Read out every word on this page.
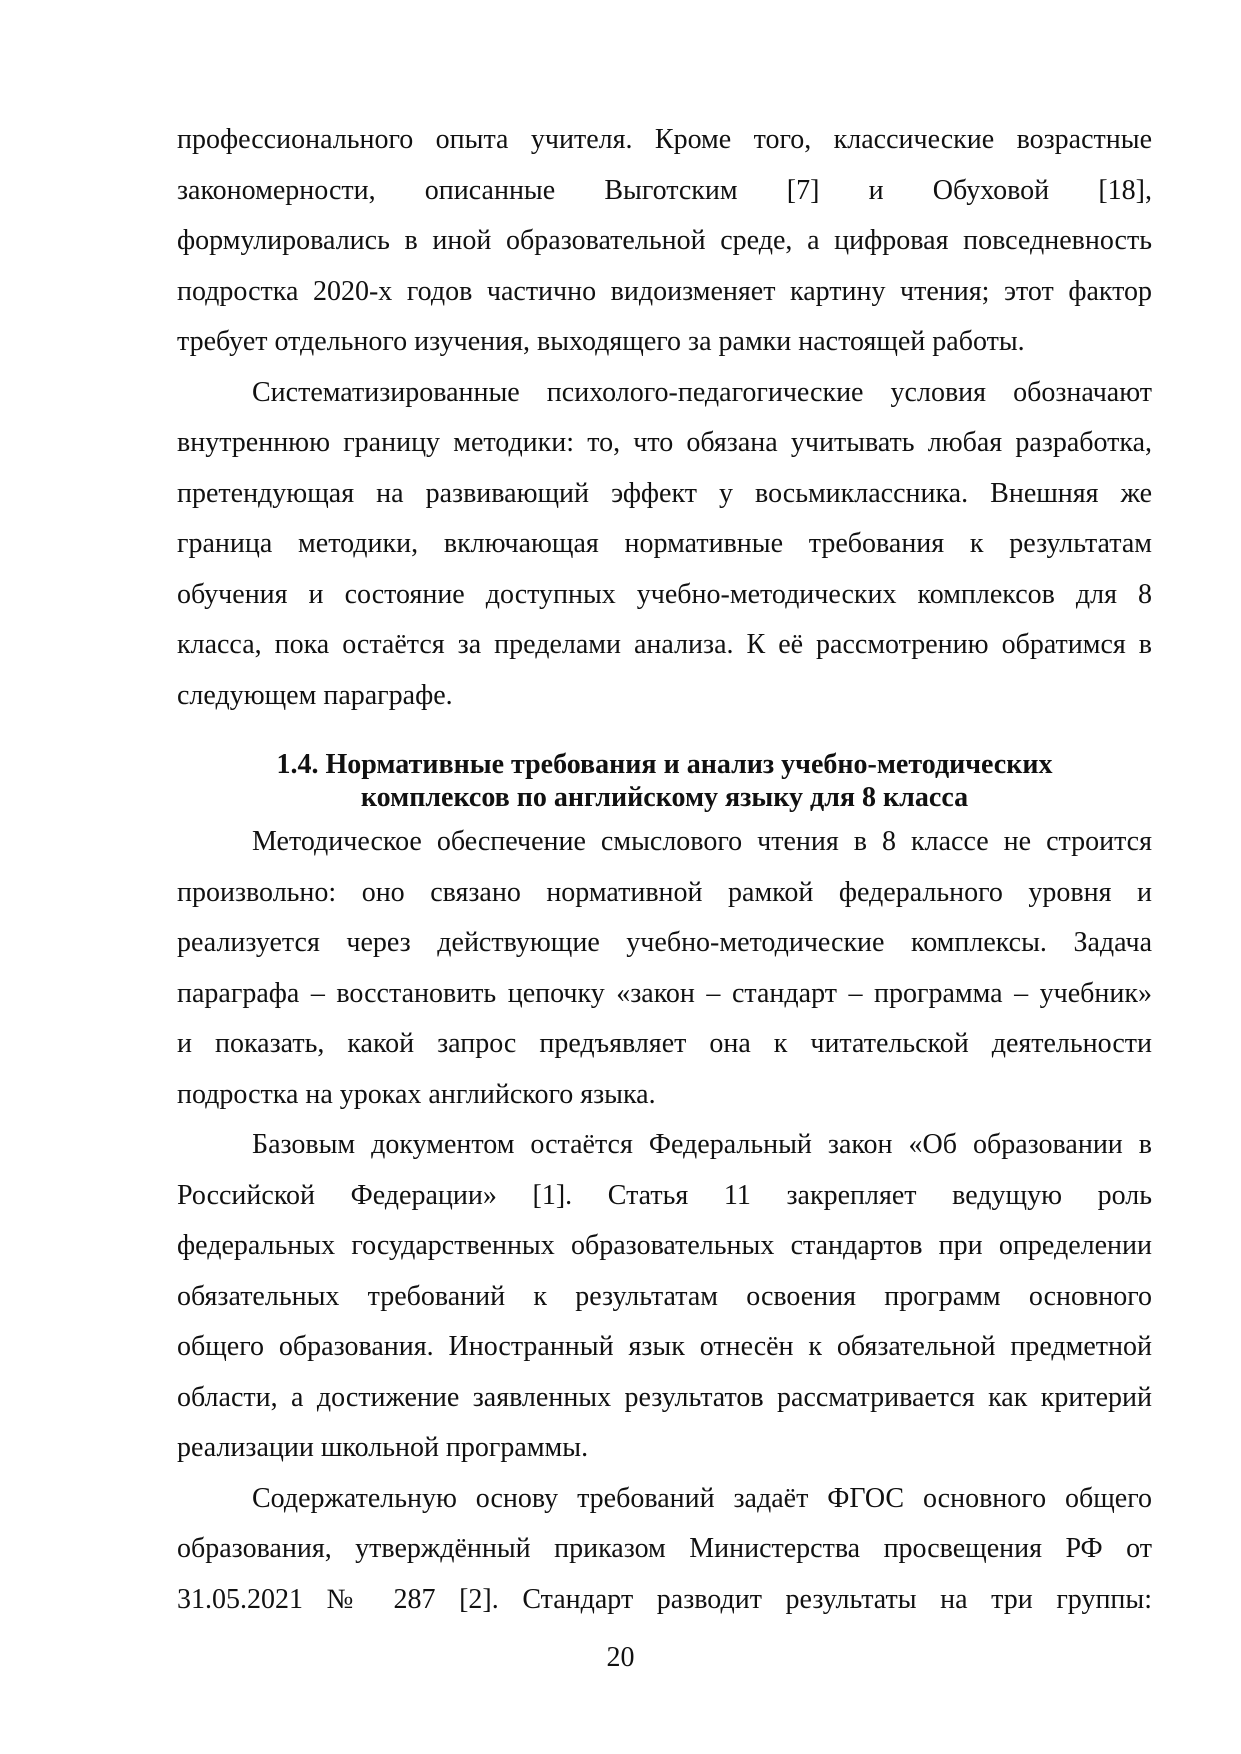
профессионального опыта учителя. Кроме того, классические возрастные
закономерности, описанные Выготским [7] и Обуховой [18],
формулировались в иной образовательной среде, а цифровая повседневность
подростка 2020-х годов частично видоизменяет картину чтения; этот фактор
требует отдельного изучения, выходящего за рамки настоящей работы.
Систематизированные психолого-педагогические условия обозначают
внутреннюю границу методики: то, что обязана учитывать любая разработка,
претендующая на развивающий эффект у восьмиклассника. Внешняя же
граница методики, включающая нормативные требования к результатам
обучения и состояние доступных учебно-методических комплексов для 8
класса, пока остаётся за пределами анализа. К её рассмотрению обратимся в
следующем параграфе.
1.4. Нормативные требования и анализ учебно-методических
комплексов по английскому языку для 8 класса
Методическое обеспечение смыслового чтения в 8 классе не строится
произвольно: оно связано нормативной рамкой федерального уровня и
реализуется через действующие учебно-методические комплексы. Задача
параграфа – восстановить цепочку «закон – стандарт – программа – учебник»
и показать, какой запрос предъявляет она к читательской деятельности
подростка на уроках английского языка.
Базовым документом остаётся Федеральный закон «Об образовании в
Российской Федерации» [1]. Статья 11 закрепляет ведущую роль
федеральных государственных образовательных стандартов при определении
обязательных требований к результатам освоения программ основного
общего образования. Иностранный язык отнесён к обязательной предметной
области, а достижение заявленных результатов рассматривается как критерий
реализации школьной программы.
Содержательную основу требований задаёт ФГОС основного общего
образования, утверждённый приказом Министерства просвещения РФ от
31.05.2021 № 287 [2]. Стандарт разводит результаты на три группы:
20
